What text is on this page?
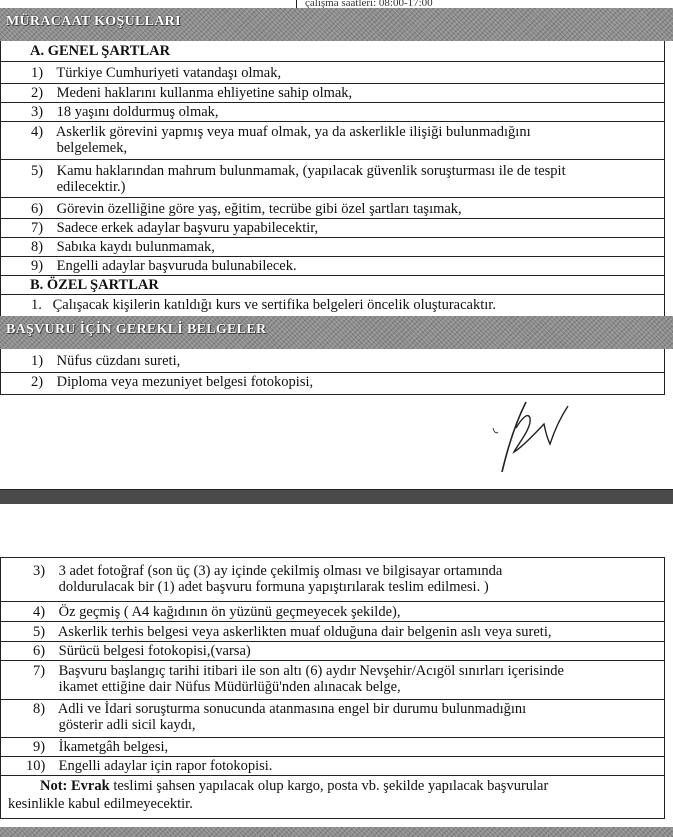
çalışma saatleri: 08:00-17:00
MÜRACAAT KOŞULLARI
A. GENEL ŞARTLAR
1) Türkiye Cumhuriyeti vatandaşı olmak,
2) Medeni haklarını kullanma ehliyetine sahip olmak,
3) 18 yaşını doldurmuş olmak,
4) Askerlik görevini yapmış veya muaf olmak, ya da askerlikle ilişiği bulunmadığını
belgelemek,
5) Kamu haklarından mahrum bulunmamak, (yapılacak güvenlik soruşturması ile de tespit
edilecektir.)
6) Görevin özelliğine göre yaş, eğitim, tecrübe gibi özel şartları taşımak,
7) Sadece erkek adaylar başvuru yapabilecektir,
8) Sabıka kaydı bulunmamak,
9) Engelli adaylar başvuruda bulunabilecek.
B. ÖZEL ŞARTLAR
1. Çalışacak kişilerin katıldığı kurs ve sertifika belgeleri öncelik oluşturacaktır.
BAŞVURU İÇİN GEREKLİ BELGELER
1) Nüfus cüzdanı sureti,
2) Diploma veya mezuniyet belgesi fotokopisi,
3) 3 adet fotoğraf (son üç (3) ay içinde çekilmiş olması ve bilgisayar ortamında
doldurulacak bir (1) adet başvuru formuna yapıştırılarak teslim edilmesi. )
4) Öz geçmiş ( A4 kağıdının ön yüzünü geçmeyecek şekilde),
5) Askerlik terhis belgesi veya askerlikten muaf olduğuna dair belgenin aslı veya sureti,
6) Sürücü belgesi fotokopisi,(varsa)
7) Başvuru başlangıç tarihi itibari ile son altı (6) aydır Nevşehir/Acıgöl sınırları içerisinde
ikamet ettiğine dair Nüfus Müdürlüğü'nden alınacak belge,
8) Adli ve İdari soruşturma sonucunda atanmasına engel bir durumu bulunmadığını
gösterir adli sicil kaydı,
9) İkametgâh belgesi,
10) Engelli adaylar için rapor fotokopisi.
Not: Evrak teslimi şahsen yapılacak olup kargo, posta vb. şekilde yapılacak başvurular
kesinlikle kabul edilmeyecektir.
